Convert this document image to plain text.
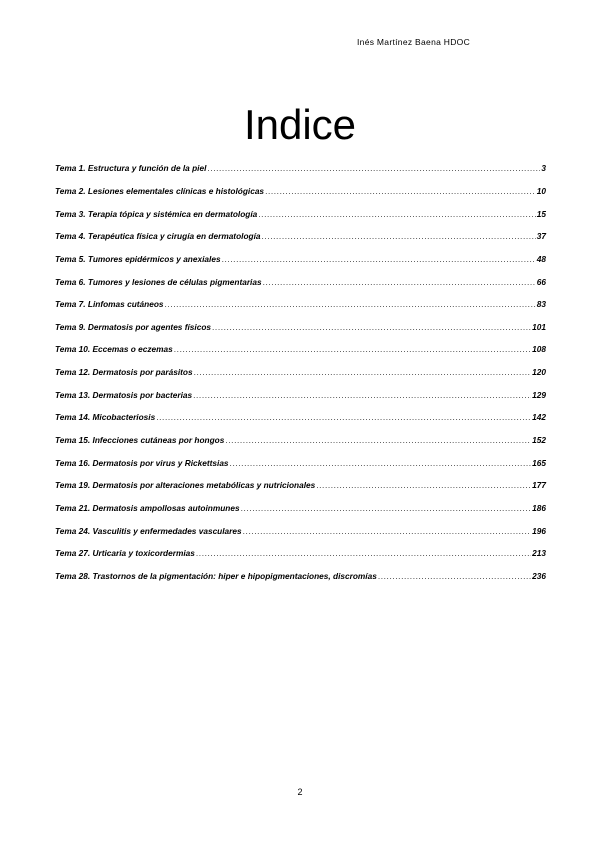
Inés Martínez Baena HDOC
Indice
Tema 1. Estructura y función de la piel .....	3
Tema 2. Lesiones elementales clínicas e histológicas .....	10
Tema 3. Terapia tópica y sistémica en dermatología .....	15
Tema 4. Terapéutica física y cirugía en dermatología .....	37
Tema 5. Tumores epidérmicos y anexiales .....	48
Tema 6. Tumores y lesiones de células pigmentarias .....	66
Tema 7. Linfomas cutáneos .....	83
Tema 9. Dermatosis por agentes físicos .....	101
Tema 10. Eccemas o eczemas .....	108
Tema 12. Dermatosis por parásitos .....	120
Tema 13. Dermatosis por bacterias .....	129
Tema 14. Micobacteriosis .....	142
Tema 15. Infecciones cutáneas por hongos .....	152
Tema 16. Dermatosis por virus y Rickettsias .....	165
Tema 19. Dermatosis por alteraciones metabólicas y nutricionales .....	177
Tema 21. Dermatosis ampollosas autoinmunes .....	186
Tema 24. Vasculitis y enfermedades vasculares .....	196
Tema 27. Urticaria y toxicordermias .....	213
Tema 28. Trastornos de la pigmentación: hiper e hipopigmentaciones, discromías .....	236
2
